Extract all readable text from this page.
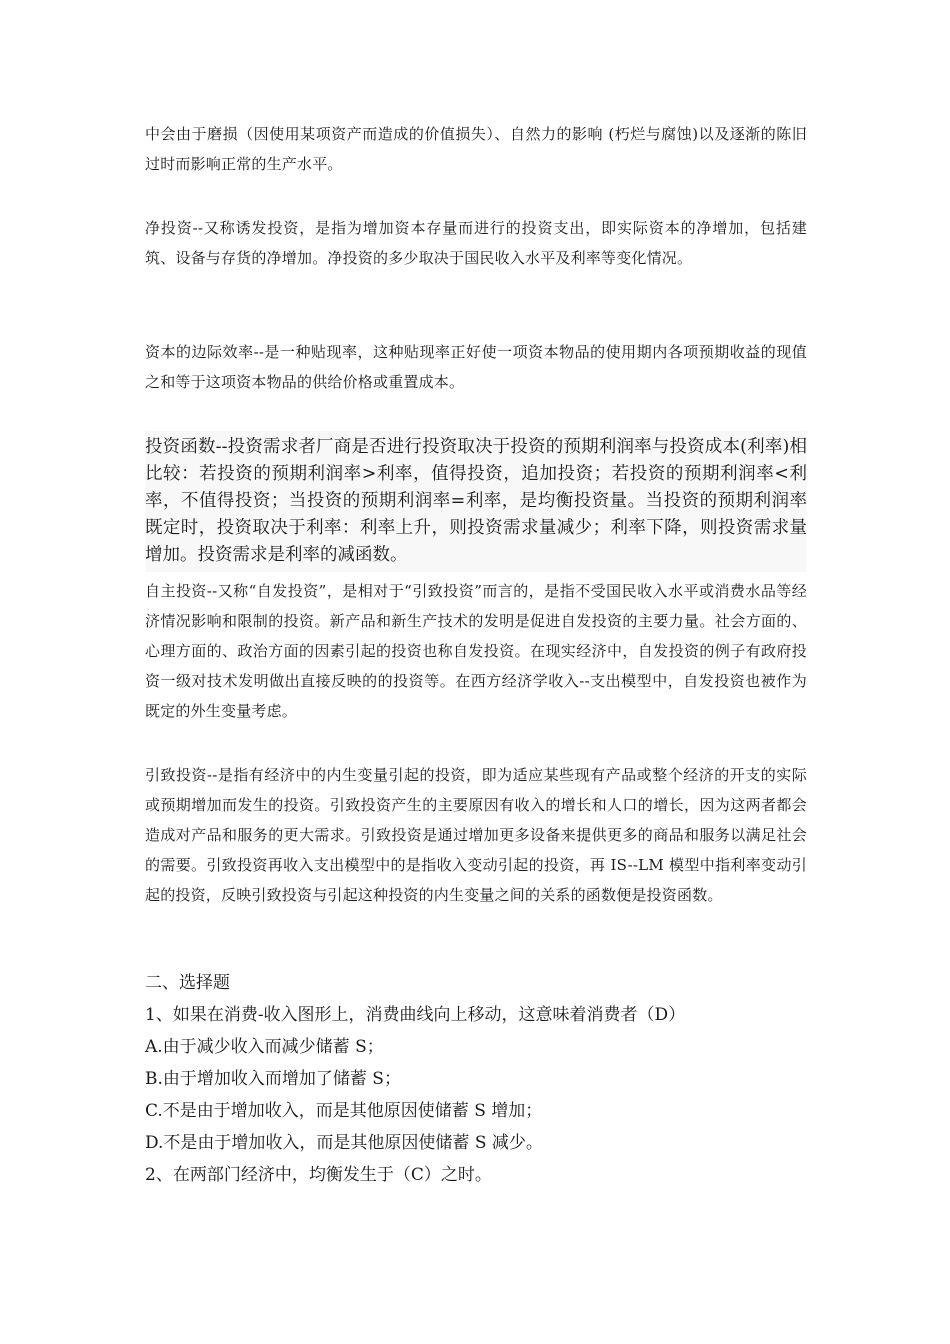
中会由于磨损（因使用某项资产而造成的价值损失）、自然力的影响 (朽烂与腐蚀)以及逐渐的陈旧过时而影响正常的生产水平。

净投资--又称诱发投资，是指为增加资本存量而进行的投资支出，即实际资本的净增加，包括建筑、设备与存货的净增加。净投资的多少取决于国民收入水平及利率等变化情况。

资本的边际效率--是一种贴现率，这种贴现率正好使一项资本物品的使用期内各项预期收益的现值之和等于这项资本物品的供给价格或重置成本。

投资函数--投资需求者厂商是否进行投资取决于投资的预期利润率与投资成本(利率)相比较：若投资的预期利润率>利率，值得投资，追加投资；若投资的预期利润率<利率，不值得投资；当投资的预期利润率=利率，是均衡投资量。当投资的预期利润率既定时，投资取决于利率：利率上升，则投资需求量减少；利率下降，则投资需求量增加。投资需求是利率的减函数。

自主投资--又称“自发投资”，是相对于“引致投资”而言的，是指不受国民收入水平或消费水品等经济情况影响和限制的投资。新产品和新生产技术的发明是促进自发投资的主要力量。社会方面的、心理方面的、政治方面的因素引起的投资也称自发投资。在现实经济中，自发投资的例子有政府投资一级对技术发明做出直接反映的的投资等。在西方经济学收入--支出模型中，自发投资也被作为既定的外生变量考虑。

引致投资--是指有经济中的内生变量引起的投资，即为适应某些现有产品或整个经济的开支的实际或预期增加而发生的投资。引致投资产生的主要原因有收入的增长和人口的增长，因为这两者都会造成对产品和服务的更大需求。引致投资是通过增加更多设备来提供更多的商品和服务以满足社会的需要。引致投资再收入支出模型中的是指收入变动引起的投资，再 IS--LM 模型中指利率变动引起的投资，反映引致投资与引起这种投资的内生变量之间的关系的函数便是投资函数。

二、选择题

1、如果在消费-收入图形上，消费曲线向上移动，这意味着消费者（D）

A.由于减少收入而减少储蓄 S；

B.由于增加收入而增加了储蓄 S；

C.不是由于增加收入，而是其他原因使储蓄 S 增加；

D.不是由于增加收入，而是其他原因使储蓄 S 减少。

2、在两部门经济中，均衡发生于（C）之时。
